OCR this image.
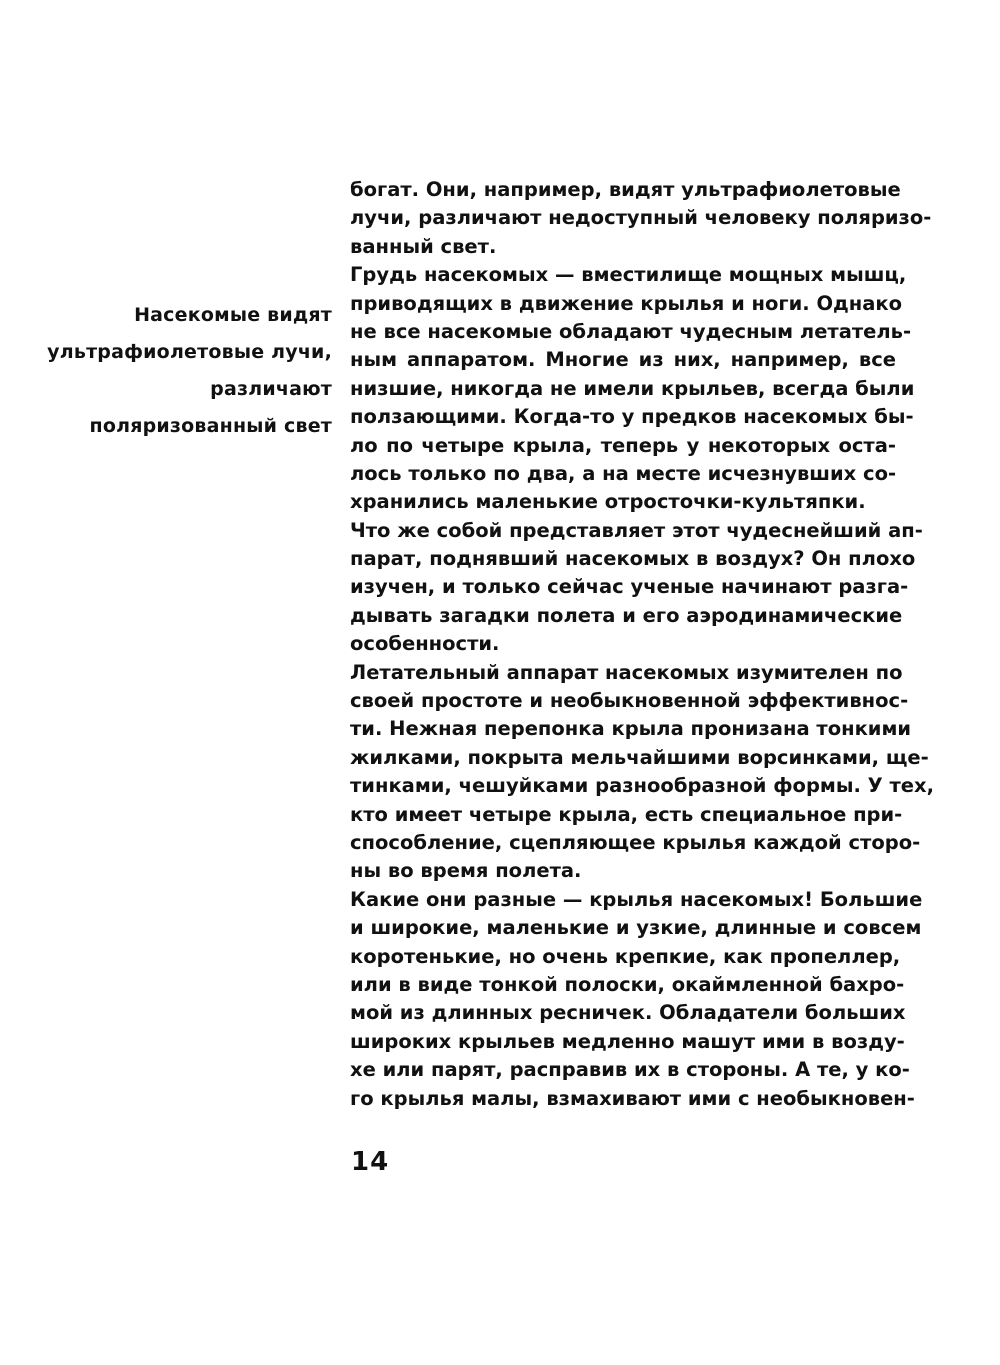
Насекомые видят
ультрафиолетовые лучи,
различают
поляризованный свет
богат. Они, например, видят ультрафиолетовые
лучи, различают недоступный человеку поляризо-
ванный свет.
Грудь насекомых — вместилище мощных мышц,
приводящих в движение крылья и ноги. Однако
не все насекомые обладают чудесным летатель-
ным аппаратом. Многие из них, например, все
низшие, никогда не имели крыльев, всегда были
ползающими. Когда-то у предков насекомых бы-
ло по четыре крыла, теперь у некоторых оста-
лось только по два, а на месте исчезнувших со-
хранились маленькие отросточки-культяпки.
Что же собой представляет этот чудеснейший ап-
парат, поднявший насекомых в воздух? Он плохо
изучен, и только сейчас ученые начинают разга-
дывать загадки полета и его аэродинамические
особенности.
Летательный аппарат насекомых изумителен по
своей простоте и необыкновенной эффективнос-
ти. Нежная перепонка крыла пронизана тонкими
жилками, покрыта мельчайшими ворсинками, ще-
тинками, чешуйками разнообразной формы. У тех,
кто имеет четыре крыла, есть специальное при-
способление, сцепляющее крылья каждой сторо-
ны во время полета.
Какие они разные — крылья насекомых! Большие
и широкие, маленькие и узкие, длинные и совсем
коротенькие, но очень крепкие, как пропеллер,
или в виде тонкой полоски, окаймленной бахро-
мой из длинных ресничек. Обладатели больших
широких крыльев медленно машут ими в возду-
хе или парят, расправив их в стороны. А те, у ко-
го крылья малы, взмахивают ими с необыкновен-
14
